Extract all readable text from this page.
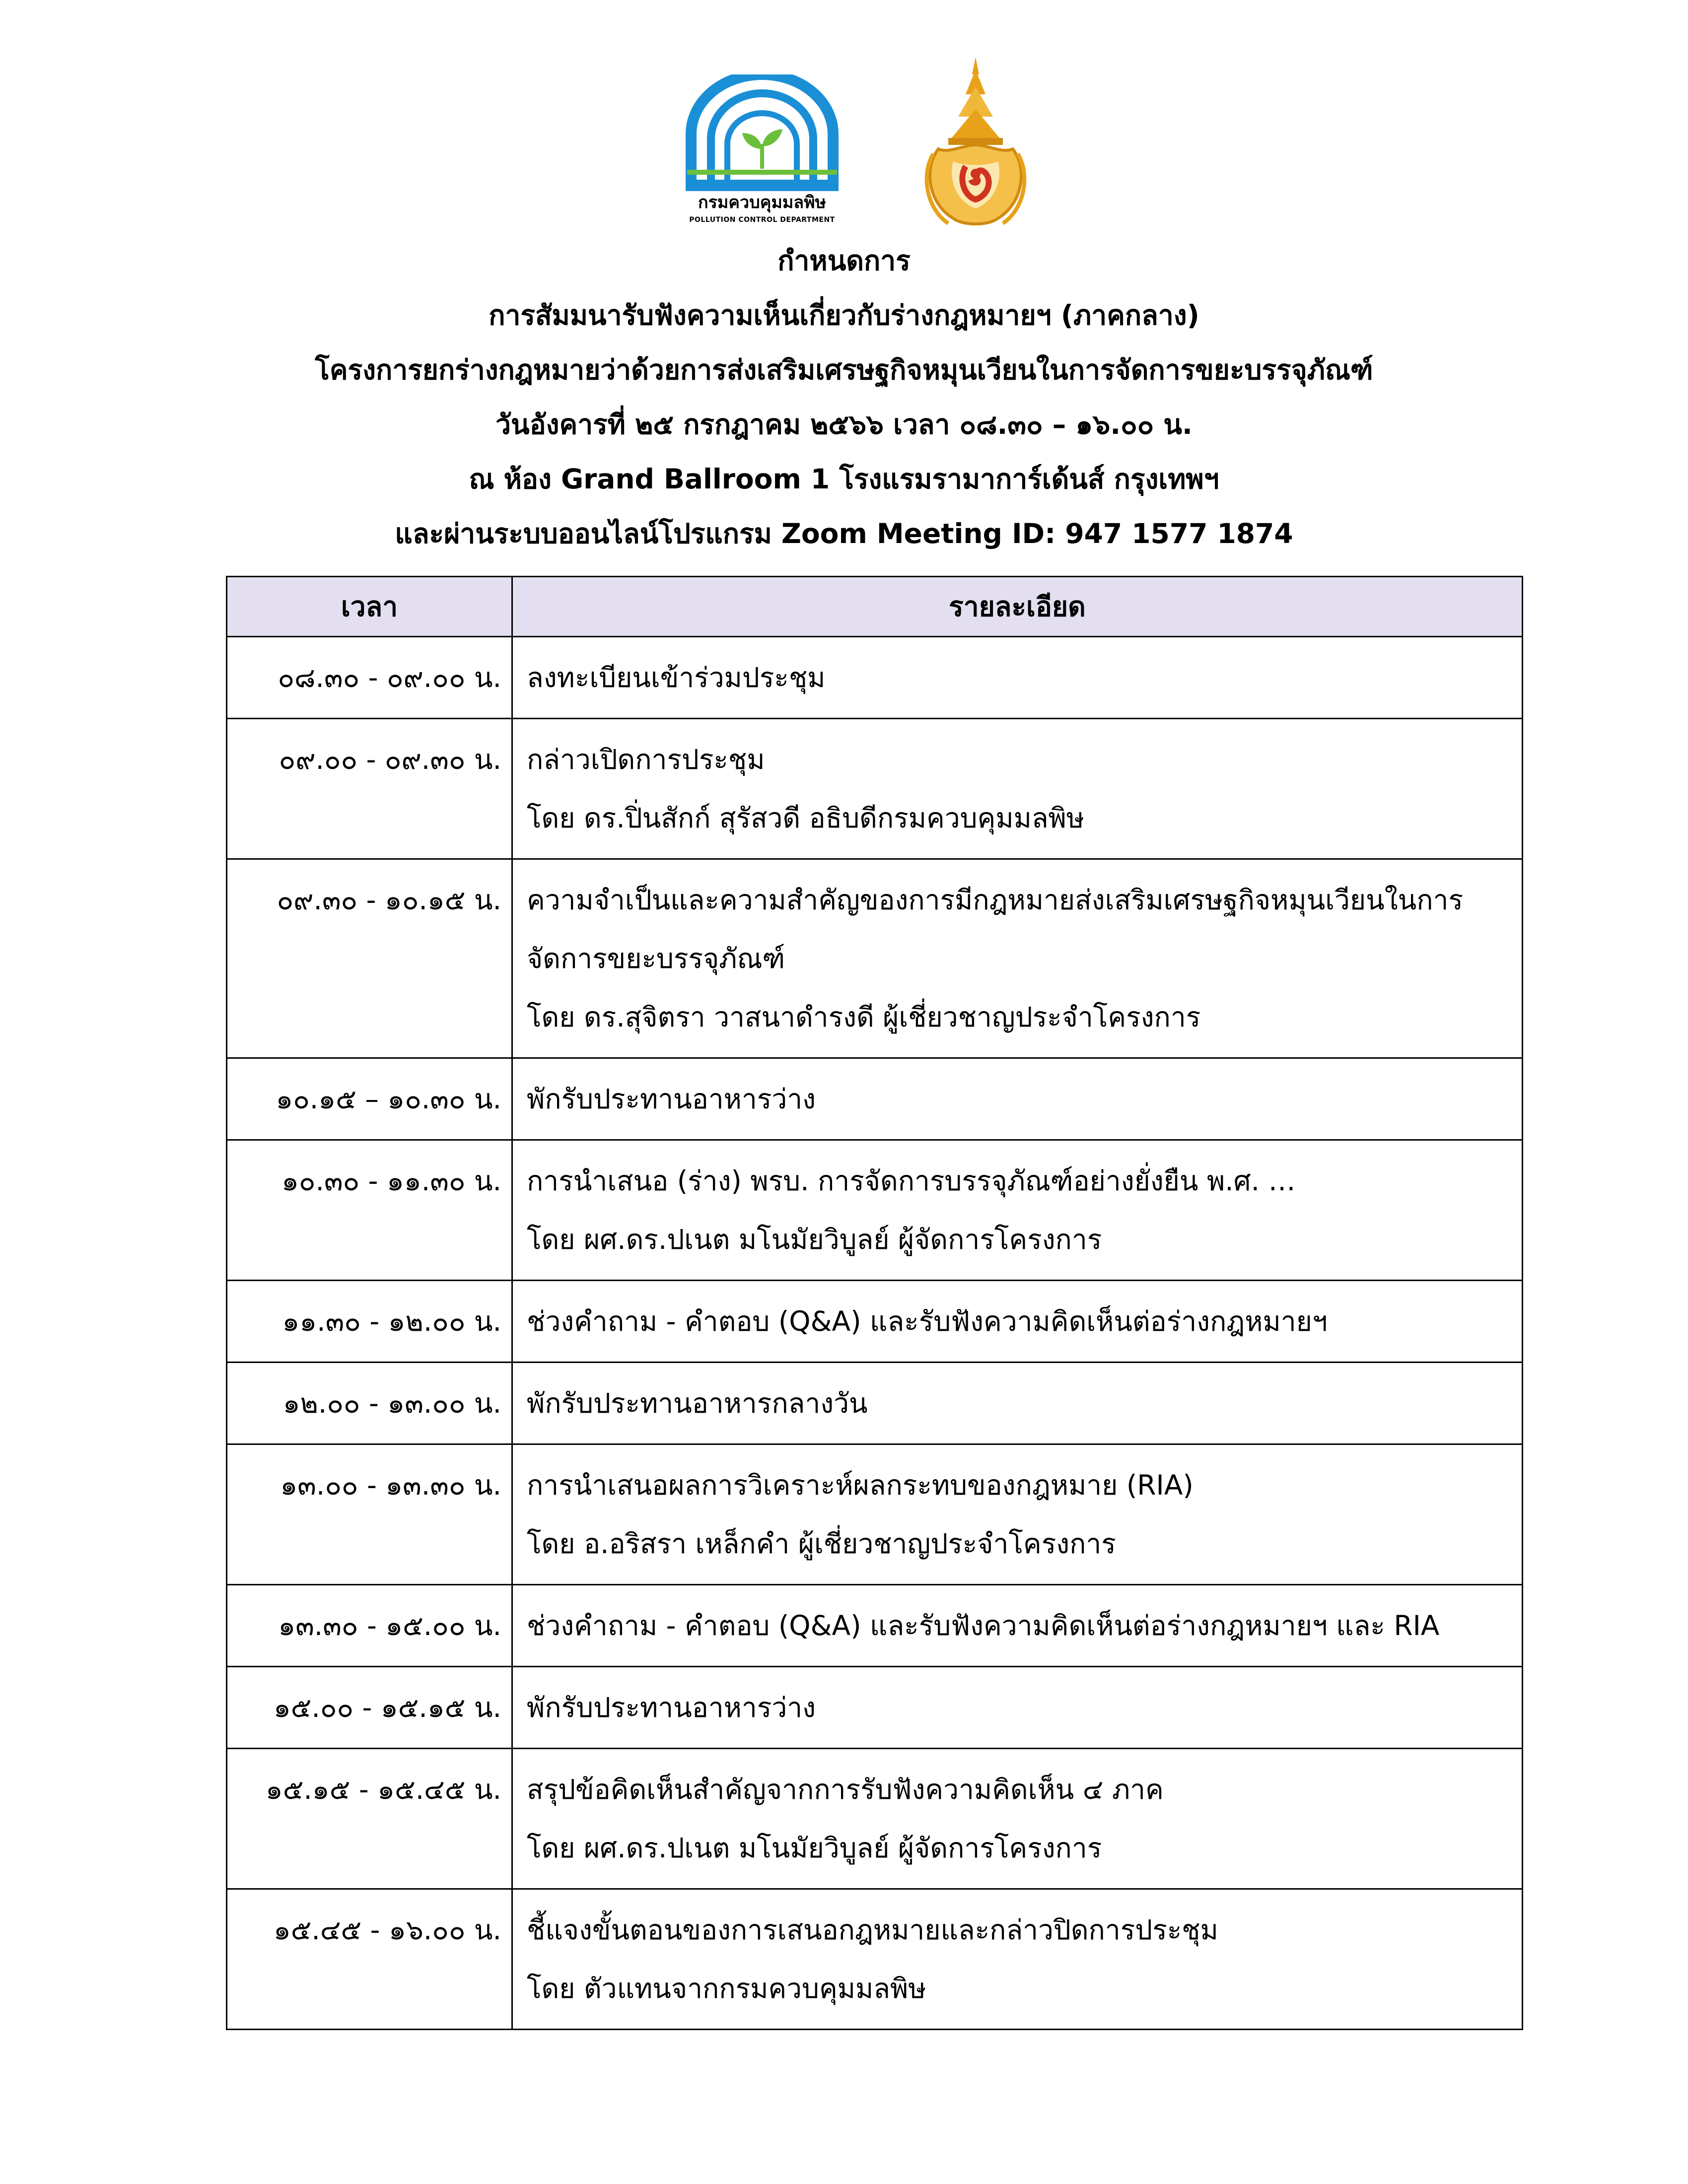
กรมควบคุมมลพิษ
POLLUTION CONTROL DEPARTMENT
กำหนดการ
การสัมมนารับฟังความเห็นเกี่ยวกับร่างกฎหมายฯ (ภาคกลาง)
โครงการยกร่างกฎหมายว่าด้วยการส่งเสริมเศรษฐกิจหมุนเวียนในการจัดการขยะบรรจุภัณฑ์
วันอังคารที่ ๒๕ กรกฎาคม ๒๕๖๖ เวลา ๐๘.๓๐ – ๑๖.๐๐ น.
ณ ห้อง Grand Ballroom 1 โรงแรมรามาการ์เด้นส์ กรุงเทพฯ
และผ่านระบบออนไลน์โปรแกรม Zoom Meeting ID: 947 1577 1874
เวลา	รายละเอียด
๐๘.๓๐ - ๐๙.๐๐ น.	ลงทะเบียนเข้าร่วมประชุม

๐๙.๐๐ - ๐๙.๓๐ น.	กล่าวเปิดการประชุม
โดย ดร.ปิ่นสักก์ สุรัสวดี อธิบดีกรมควบคุมมลพิษ

๐๙.๓๐ - ๑๐.๑๕ น.	ความจำเป็นและความสำคัญของการมีกฎหมายส่งเสริมเศรษฐกิจหมุนเวียนในการจัดการขยะบรรจุภัณฑ์
โดย ดร.สุจิตรา วาสนาดำรงดี ผู้เชี่ยวชาญประจำโครงการ

๑๐.๑๕ – ๑๐.๓๐ น.	พักรับประทานอาหารว่าง

๑๐.๓๐ - ๑๑.๓๐ น.	การนำเสนอ (ร่าง) พรบ. การจัดการบรรจุภัณฑ์อย่างยั่งยืน พ.ศ. …
โดย ผศ.ดร.ปเนต มโนมัยวิบูลย์ ผู้จัดการโครงการ

๑๑.๓๐ - ๑๒.๐๐ น.	ช่วงคำถาม - คำตอบ (Q&A) และรับฟังความคิดเห็นต่อร่างกฎหมายฯ

๑๒.๐๐ - ๑๓.๐๐ น.	พักรับประทานอาหารกลางวัน

๑๓.๐๐ - ๑๓.๓๐ น.	การนำเสนอผลการวิเคราะห์ผลกระทบของกฎหมาย (RIA)
โดย อ.อริสรา เหล็กคำ ผู้เชี่ยวชาญประจำโครงการ

๑๓.๓๐ - ๑๕.๐๐ น.	ช่วงคำถาม - คำตอบ (Q&A) และรับฟังความคิดเห็นต่อร่างกฎหมายฯ และ RIA

๑๕.๐๐ - ๑๕.๑๕ น.	พักรับประทานอาหารว่าง

๑๕.๑๕ - ๑๕.๔๕ น.	สรุปข้อคิดเห็นสำคัญจากการรับฟังความคิดเห็น ๔ ภาค
โดย ผศ.ดร.ปเนต มโนมัยวิบูลย์ ผู้จัดการโครงการ

๑๕.๔๕ - ๑๖.๐๐ น.	ชี้แจงขั้นตอนของการเสนอกฎหมายและกล่าวปิดการประชุม
โดย ตัวแทนจากกรมควบคุมมลพิษ
